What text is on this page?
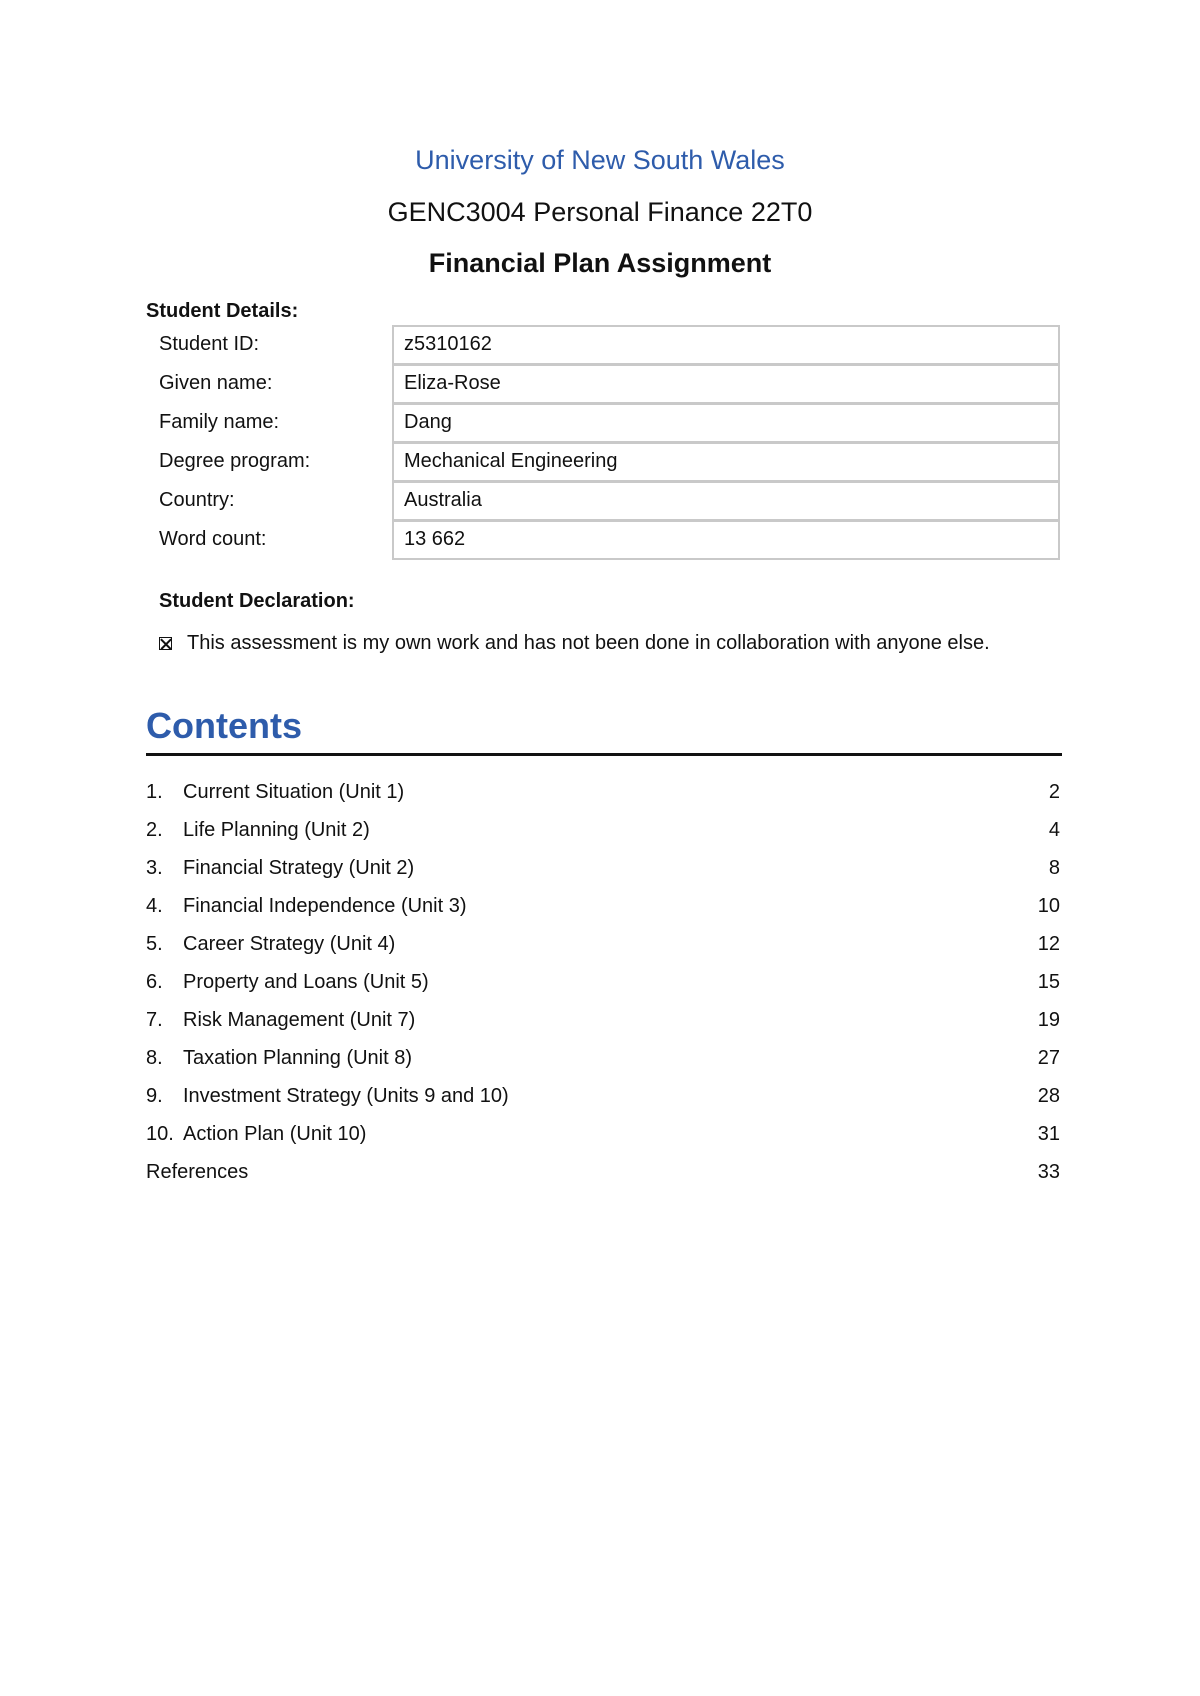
University of New South Wales
GENC3004 Personal Finance 22T0
Financial Plan Assignment
Student Details:
Student ID:	z5310162
Given name:	Eliza-Rose
Family name:	Dang
Degree program:	Mechanical Engineering
Country:	Australia
Word count:	13 662
Student Declaration:
This assessment is my own work and has not been done in collaboration with anyone else.
Contents
1.	Current Situation (Unit 1)	2
2.	Life Planning (Unit 2)	4
3.	Financial Strategy (Unit 2)	8
4.	Financial Independence (Unit 3)	10
5.	Career Strategy (Unit 4)	12
6.	Property and Loans (Unit 5)	15
7.	Risk Management (Unit 7)	19
8.	Taxation Planning (Unit 8)	27
9.	Investment Strategy (Units 9 and 10)	28
10. Action Plan (Unit 10)	31
References	33
